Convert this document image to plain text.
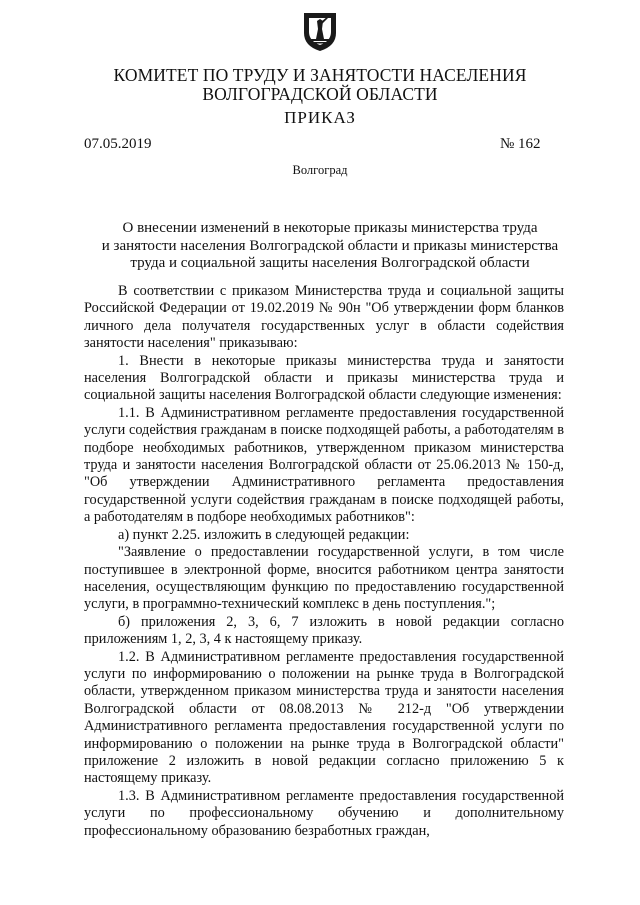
КОМИТЕТ ПО ТРУДУ И ЗАНЯТОСТИ НАСЕЛЕНИЯ
ВОЛГОГРАДСКОЙ ОБЛАСТИ
ПРИКАЗ
07.05.2019	№ 162
Волгоград
О внесении изменений в некоторые приказы министерства труда
и занятости населения Волгоградской области и приказы министерства
труда и социальной защиты населения Волгоградской области

В соответствии с приказом Министерства труда и социальной защиты Российской Федерации от 19.02.2019 № 90н "Об утверждении форм бланков личного дела получателя государственных услуг в области содействия занятости населения" приказываю:

1. Внести в некоторые приказы министерства труда и занятости населения Волгоградской области и приказы министерства труда и социальной защиты населения Волгоградской области следующие изменения:

1.1. В Административном регламенте предоставления государственной услуги содействия гражданам в поиске подходящей работы, а работодателям в подборе необходимых работников, утвержденном приказом министерства труда и занятости населения Волгоградской области от 25.06.2013 № 150-д, "Об утверждении Административного регламента предоставления государственной услуги содействия гражданам в поиске подходящей работы, а работодателям в подборе необходимых работников":

а) пункт 2.25. изложить в следующей редакции:

"Заявление о предоставлении государственной услуги, в том числе поступившее в электронной форме, вносится работником центра занятости населения, осуществляющим функцию по предоставлению государственной услуги, в программно-технический комплекс в день поступления.";

б) приложения 2, 3, 6, 7 изложить в новой редакции согласно приложениям 1, 2, 3, 4 к настоящему приказу.

1.2. В Административном регламенте предоставления государственной услуги по информированию о положении на рынке труда в Волгоградской области, утвержденном приказом министерства труда и занятости населения Волгоградской области от 08.08.2013 № 212-д "Об утверждении Административного регламента предоставления государственной услуги по информированию о положении на рынке труда в Волгоградской области" приложение 2 изложить в новой редакции согласно приложению 5 к настоящему приказу.

1.3. В Административном регламенте предоставления государственной услуги по профессиональному обучению и дополнительному профессиональному образованию безработных граждан,
